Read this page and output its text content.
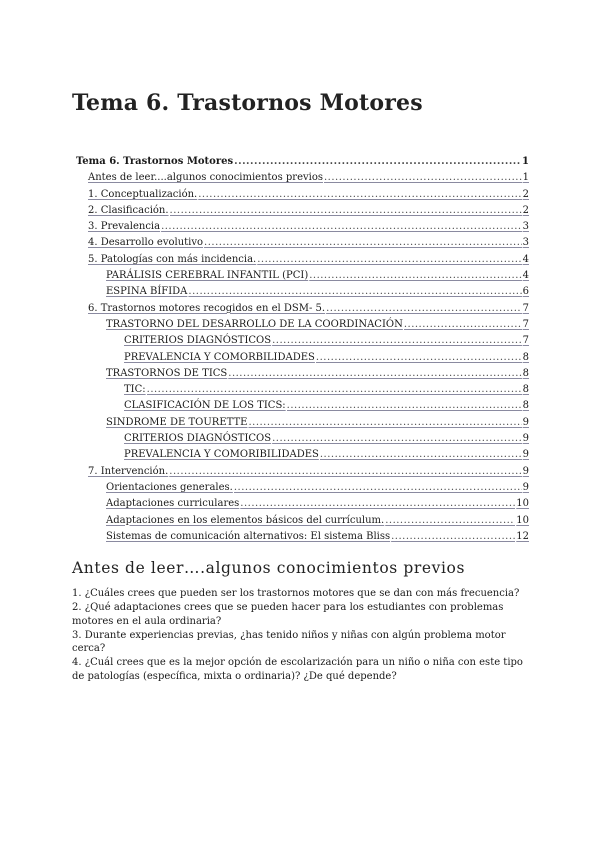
Tema 6. Trastornos Motores
Tema 6. Trastornos Motores .....	1
Antes de leer....algunos conocimientos previos .....	1
1. Conceptualización. .....	2
2. Clasificación. .....	2
3. Prevalencia .....	3
4. Desarrollo evolutivo .....	3
5. Patologías con más incidencia. .....	4
PARÁLISIS CEREBRAL INFANTIL (PCI) .....	4
ESPINA BÍFIDA .....	6
6. Trastornos motores recogidos en el DSM- 5. .....	7
TRASTORNO DEL DESARROLLO DE LA COORDINACIÓN .....	7
CRITERIOS DIAGNÓSTICOS .....	7
PREVALENCIA Y COMORBILIDADES .....	8
TRASTORNOS DE TICS .....	8
TIC: .....	8
CLASIFICACIÓN DE LOS TICS: .....	8
SINDROME DE TOURETTE .....	9
CRITERIOS DIAGNÓSTICOS .....	9
PREVALENCIA Y COMORIBILIDADES .....	9
7. Intervención. .....	9
Orientaciones generales. .....	9
Adaptaciones curriculares .....	10
Adaptaciones en los elementos básicos del currículum. .....	10
Sistemas de comunicación alternativos: El sistema Bliss .....	12
Antes de leer….algunos conocimientos previos

1. ¿Cuáles crees que pueden ser los trastornos motores que se dan con más frecuencia?

2. ¿Qué adaptaciones crees que se pueden hacer para los estudiantes con problemas motores en el aula ordinaria?

3. Durante experiencias previas, ¿has tenido niños y niñas con algún problema motor cerca?

4. ¿Cuál crees que es la mejor opción de escolarización para un niño o niña con este tipo de patologías (específica, mixta o ordinaria)? ¿De qué depende?
